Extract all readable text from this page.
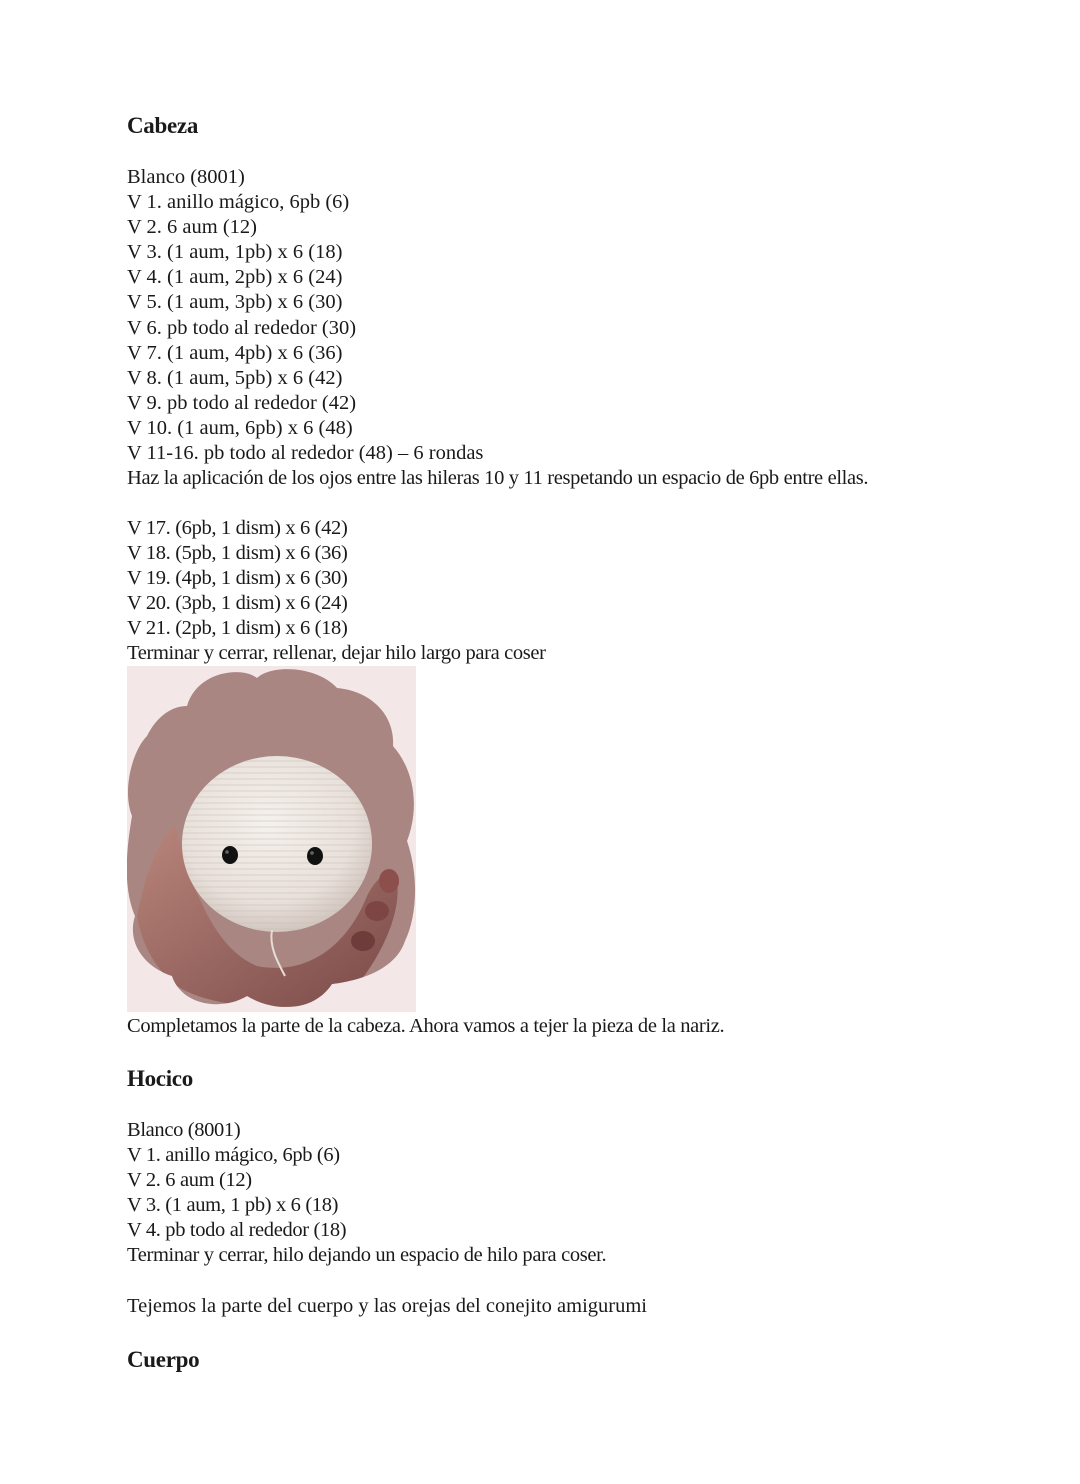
Cabeza
Blanco (8001)
V 1. anillo mágico, 6pb (6)
V 2. 6 aum (12)
V 3. (1 aum, 1pb) x 6 (18)
V 4. (1 aum, 2pb) x 6 (24)
V 5. (1 aum, 3pb) x 6 (30)
V 6. pb todo al rededor (30)
V 7. (1 aum, 4pb) x 6 (36)
V 8. (1 aum, 5pb) x 6 (42)
V 9. pb todo al rededor (42)
V 10. (1 aum, 6pb) x 6 (48)
V 11-16. pb todo al rededor (48) – 6 rondas
Haz la aplicación de los ojos entre las hileras 10 y 11 respetando un espacio de 6pb entre ellas.
V 17. (6pb, 1 dism) x 6 (42)
V 18. (5pb, 1 dism) x 6 (36)
V 19. (4pb, 1 dism) x 6 (30)
V 20. (3pb, 1 dism) x 6 (24)
V 21. (2pb, 1 dism) x 6 (18)
Terminar y cerrar, rellenar, dejar hilo largo para coser
Completamos la parte de la cabeza. Ahora vamos a tejer la pieza de la nariz.
Hocico
Blanco (8001)
V 1. anillo mágico, 6pb (6)
V 2. 6 aum (12)
V 3. (1 aum, 1 pb) x 6 (18)
V 4. pb todo al rededor (18)
Terminar y cerrar, hilo dejando un espacio de hilo para coser.
Tejemos la parte del cuerpo y las orejas del conejito amigurumi
Cuerpo
